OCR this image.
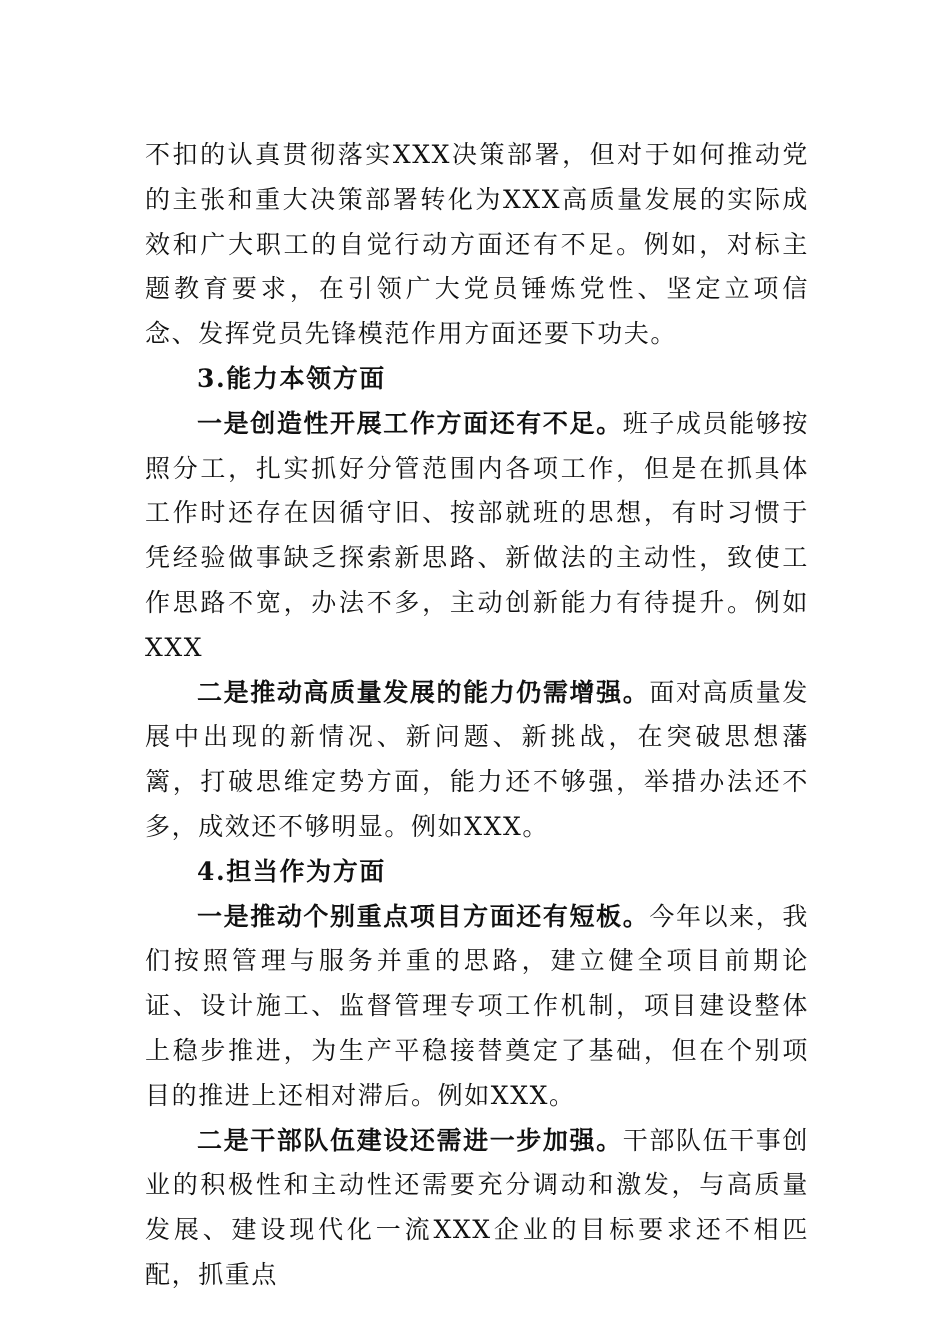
不扣的认真贯彻落实XXX决策部署，但对于如何推动党的主张和重大决策部署转化为XXX高质量发展的实际成效和广大职工的自觉行动方面还有不足。例如，对标主题教育要求，在引领广大党员锤炼党性、坚定立项信念、发挥党员先锋模范作用方面还要下功夫。

3.能力本领方面

一是创造性开展工作方面还有不足。班子成员能够按照分工，扎实抓好分管范围内各项工作，但是在抓具体工作时还存在因循守旧、按部就班的思想，有时习惯于凭经验做事缺乏探索新思路、新做法的主动性，致使工作思路不宽，办法不多，主动创新能力有待提升。例如XXX

二是推动高质量发展的能力仍需增强。面对高质量发展中出现的新情况、新问题、新挑战，在突破思想藩篱，打破思维定势方面，能力还不够强，举措办法还不多，成效还不够明显。例如XXX。

4.担当作为方面

一是推动个别重点项目方面还有短板。今年以来，我们按照管理与服务并重的思路，建立健全项目前期论证、设计施工、监督管理专项工作机制，项目建设整体上稳步推进，为生产平稳接替奠定了基础，但在个别项目的推进上还相对滞后。例如XXX。

二是干部队伍建设还需进一步加强。干部队伍干事创业的积极性和主动性还需要充分调动和激发，与高质量发展、建设现代化一流XXX企业的目标要求还不相匹配，抓重点
